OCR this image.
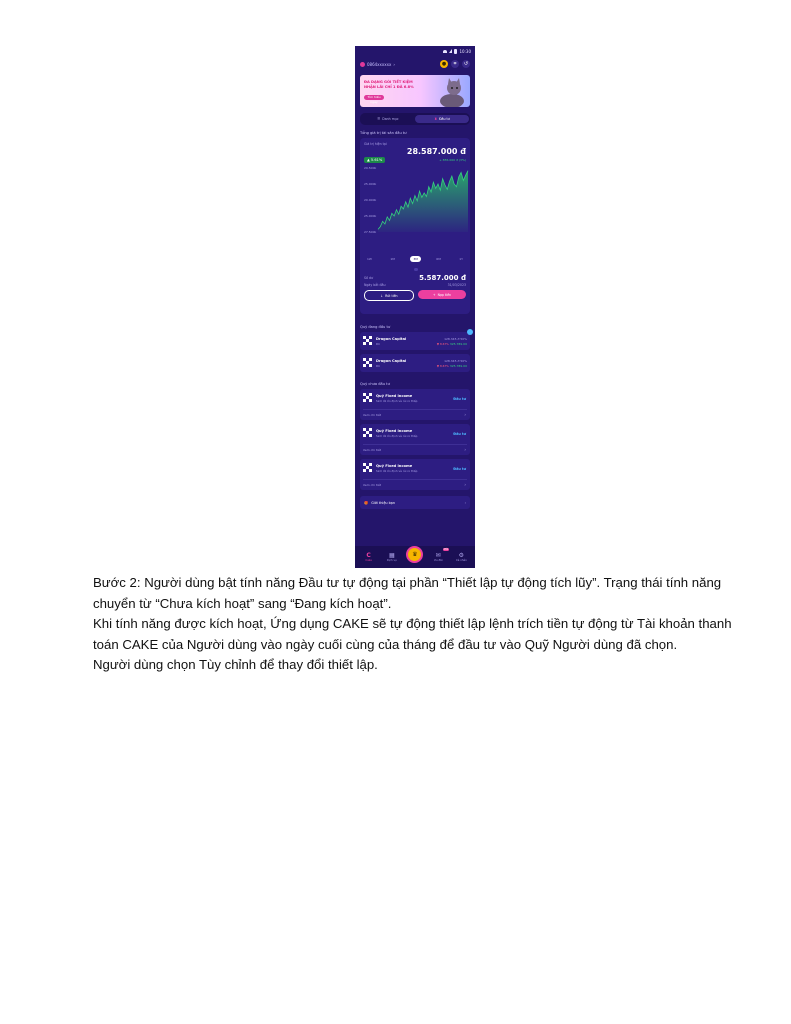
10:30
0864xxxxxx ›	●	⌗	↺
ĐA DẠNG GÓI TIẾT KIỆM NHẬN LÃI CHỈ 1 ĐÃ 6.8%
Tìm hiểu ngay
☰ Danh mục	♜ Đầu tư
Tổng giá trị tài sản đầu tư
Giá trị hiện tại
▲ 5.61%
28.587.000 đ
+ 855.000 đ (3%)
29.500k
25.000k
20.000k
25.000k
27.500k
1W	1M	3M	6M	1Y
Số dư	5.587.000 đ
Ngày bắt đầu	31/03/2023
↓ Rút tiền	+ Nạp tiền
Quỹ đang đầu tư
Dragon Capital
DC
128.345 đ 50%
▼ 8.67% 325.789.00
Dragon Capital
DC
128.345 đ 50%
▼ 8.67% 325.789.00
Quỹ chưa đầu tư
Quỹ Fixed Income
Sinh lời ổn định và rủi ro thấp	Đầu tư
Xem chi tiết	›
Quỹ Fixed Income
Sinh lời ổn định và rủi ro thấp	Đầu tư
Xem chi tiết	›
Quỹ Fixed Income
Sinh lời ổn định và rủi ro thấp	Đầu tư
Xem chi tiết	›
🎁 Giới thiệu bạn	›
C
Cake
▦
Dịch vụ
♛	✉
Ưu đãi
Mới
⚙
Cá nhân

Bước 2: Người dùng bật tính năng Đầu tư tự động tại phần “Thiết lập tự động tích lũy”. Trạng thái tính năng chuyển từ “Chưa kích hoạt” sang “Đang kích hoạt”.

Khi tính năng được kích hoạt, Ứng dụng CAKE sẽ tự động thiết lập lệnh trích tiền tự động từ Tài khoản thanh toán CAKE của Người dùng vào ngày cuối cùng của tháng để đầu tư vào Quỹ Người dùng đã chọn.

Người dùng chọn Tùy chỉnh để thay đổi thiết lập.
